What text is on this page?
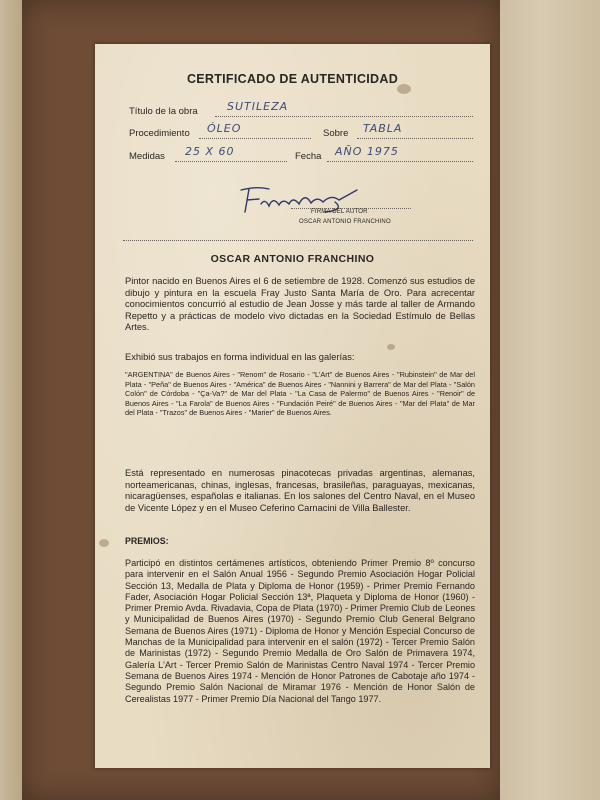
CERTIFICADO DE AUTENTICIDAD
Título de la obra	SUTILEZA
Procedimiento ÓLEO	Sobre TABLA
Medidas 25 X 60	Fecha AÑO 1975
FIRMA DEL AUTOR
OSCAR ANTONIO FRANCHINO
OSCAR ANTONIO FRANCHINO
Pintor nacido en Buenos Aires el 6 de setiembre de 1928. Comenzó sus estudios de dibujo y pintura en la escuela Fray Justo Santa María de Oro. Para acrecentar conocimientos concurrió al estudio de Jean Josse y más tarde al taller de Armando Repetto y a prácticas de modelo vivo dictadas en la Sociedad Estímulo de Bellas Artes.
Exhibió sus trabajos en forma individual en las galerías:
"ARGENTINA" de Buenos Aires - "Renom" de Rosario - "L'Art" de Buenos Aires - "Rubinstein" de Mar del Plata - "Peña" de Buenos Aires - "América" de Buenos Aires - "Nannini y Barrera" de Mar del Plata - "Salón Colón" de Córdoba - "Ça-Va?" de Mar del Plata - "La Casa de Palermo" de Buenos Aires - "Renoir" de Buenos Aires - "La Farola" de Buenos Aires - "Fundación Peiré" de Buenos Aires - "Mar del Plata" de Mar del Plata - "Trazos" de Buenos Aires - "Marier" de Buenos Aires.
Está representado en numerosas pinacotecas privadas argentinas, alemanas, norteamericanas, chinas, inglesas, francesas, brasileñas, paraguayas, mexicanas, nicaragüenses, españolas e italianas. En los salones del Centro Naval, en el Museo de Vicente López y en el Museo Ceferino Carnacini de Villa Ballester.
PREMIOS:
Participó en distintos certámenes artísticos, obteniendo Primer Premio 8º concurso para intervenir en el Salón Anual 1956 - Segundo Premio Asociación Hogar Policial Sección 13, Medalla de Plata y Diploma de Honor (1959) - Primer Premio Fernando Fader, Asociación Hogar Policial Sección 13ª, Plaqueta y Diploma de Honor (1960) - Primer Premio Avda. Rivadavia, Copa de Plata (1970) - Primer Premio Club de Leones y Municipalidad de Buenos Aires (1970) - Segundo Premio Club General Belgrano Semana de Buenos Aires (1971) - Diploma de Honor y Mención Especial Concurso de Manchas de la Municipalidad para intervenir en el salón (1972) - Tercer Premio Salón de Marinistas (1972) - Segundo Premio Medalla de Oro Salón de Primavera 1974, Galería L'Art - Tercer Premio Salón de Marinistas Centro Naval 1974 - Tercer Premio Semana de Buenos Aires 1974 - Mención de Honor Patrones de Cabotaje año 1974 - Segundo Premio Salón Nacional de Miramar 1976 - Mención de Honor Salón de Cerealistas 1977 - Primer Premio Día Nacional del Tango 1977.
